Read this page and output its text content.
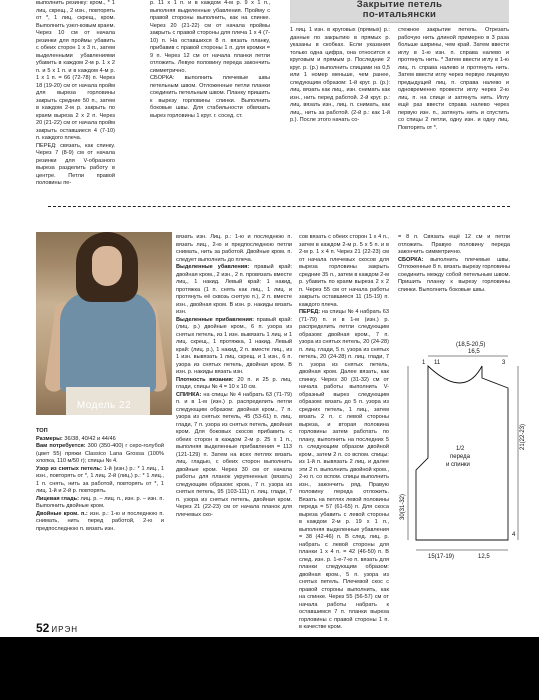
Закрытие петель
по-итальянски

выполнить резинку: кром., * 1 лиц. скрещ., 2 изн., повторять от *, 1 лиц. скрещ., кром. Выполнить узел-ковым краем. Через 10 см от начала резинки для проймы убавить с обеих сторон 1 х 3 п., затем выделенными убавлениями убавить в каждом 2-м р. 1 х 2 п. и 5 х 1 п. и в каждом 4-м р. 1 х 1 п. = 66 (72-78) п. Через 18 (19-20) см от начала пройм для выреза горловины закрыть средние 50 п., затем в каждом 2-м р. закрыть по краям выреза 2 х 2 п. Через 20 (21-22) см от начала пройм закрыть оставшиеся 4 (7-10) п. каждого плеча.

ПЕРЕД: связать, как спинку. Через 7 (8-9) см от начала резинки для V-образного выреза разделить работу в центре. Петли правой половины пе-

р. 11 х 1 п. и в каждом 4-м р. 9 х 1 п., выполняя выделенные убавления. Пройму с правой стороны выполнить, как на спинке. Через 20 (21-22) см от начала проймы закрыть с правой стороны для плеча 1 х 4 (7-10) п. На оставшихся 8 п. вязать планку, прибавив с правой стороны 1 п. для кромки = 9 п. Через 12 см от начала планки петли отложить. Левую половину переда закончить симметрично.

СБОРКА: выполнить плечевые швы петельным швом. Отложенные петли планки соединить петельным швом. Планку пришить к вырезу горловины спинки. Выполнить боковые швы. Для стабильности обвязать вырез горловины 1 круг. г. сосед. ст.

1 лиц. 1 изн. в круговых (прямых) р.: данные по закрытию в прямых р. указаны в скобках. Если указания только одна цифра, она относится к круговым и прямым р. Последние 2 круг. р. (р.) выполнить спицами на 0,5 или 1 номер меньше, чем ранее, следующим образом: 1-й круг. р. (р.): лиц. вязать как лиц., изн. снимать как изн., нить перед работой. 2-й круг. р.: лиц. вязать изн., лиц. п. снимать, как лиц., нить за работой. (2-й р.: как 1-й р.). После этого начать со-

стежное закрытие петель. Отрезать рабочую нить длиной примерно в 3 раза больше ширины, чем край. Затем ввести иглу в 1-ю изн. п. справа налево и протянуть нить. * Затем ввести иглу в 1-ю лиц. п. справа налево и протянуть нить. Затем ввести иглу через первую лицевую предыдущей лиц. п. справа налево и одновременно провести иглу через 2-ю лиц. п. на спице и затянуть нить. Иглу ещё раз ввести справа налево через первую изн. п., затянуть нить и спустить со спицы 2 петли, одну изн. и одну лиц. Повторять от *.

Модель 22

ТОП

Размеры: 36/38, 40/42 и 44/46

Вам потребуется: 300 (350-400) г серо-голубой (цвет 55) пряжи Classico Lana Grossa (100% хлопка, 110 м/50 г); спицы № 4.

Узор из снятых петель: 1-й (изн.) р.: * 1 лиц., 1 изн., повторять от *, 1 лиц. 2-й (лиц.) р.: * 1 лиц., 1 п. снять, нить за работой, повторять от *, 1 лиц. 1-й и 2-й р. повторять.

Лицевая гладь: лиц. р. – лиц. п., изн. р. – изн. п. Выполнить двойные кром.

Двойные кром. п.: изн. р.: 1-ю и последнюю п. снимать, нить перед работой, 2-ю и предпоследнюю п. вязать изн.

вязать изн. Лиц. р.: 1-ю и последнюю п. вязать лиц., 2-ю и предпоследнюю петли снимать, нить за работой. Двойные кром. п. следует выполнить до плеча.

Выделенные убавления: правый край: двойная кром., 2 изн., 2 п. провязать вместе лиц., 1 накид. Левый край: 1 накид, протяжка (1 п. снять как лиц., 1 лиц. и протянуть её сквозь снятую п.), 2 п. вместе изн., двойная кром. В изн. р. накиды вязать изн.

Выделенные прибавления: правый край: (лиц. р.) двойные кром., 6 п. узора из снятых петель, из 1 изн. вывязать 1 лиц. и 1 лиц. скрещ., 1 протяжка, 1 накид. Левый край: (лиц. р.), 1 накид, 2 п. вместе лиц., из 1 изн. вывязать 1 лиц. скрещ. и 1 изн., 6 п. узора из снятых петель, двойная кром. В изн. р. накиды вязать изн.

Плотность вязания: 20 п. и 25 р. лиц. глади, спицы № 4 = 10 х 10 см.

СПИНКА: на спицы № 4 набрать 63 (71-79) п. и в 1-м (изн.) р. распределить петли следующим образом: двойная кром., 7 п. узора из снятых петель, 45 (53-61) п. лиц. глади, 7 п. узора из снятых петель, двойная кром. Для боковых скосов прибавить с обеих сторон в каждом 2-м р. 25 х 1 п., выполняя выделенные прибавления = 113 (121-129) п. Затем на всех петлях вязать лиц. гладью, с обеих сторон выполнить двойные кром. Через 30 см от начала работы для планок укрупненных (вязать) следующим образом: кром., 7 п. узора из снятых петель, 95 (103-111) п. лиц. глади, 7 п. узора из снятых петель, двойная кром. Через 21 (22-23) см от начала планок для плечевых ско-

сов вязать с обеих сторон 1 х 4 п., затем в каждом 2-м р. 5 х 5 п. и в 2-м р. 1 х 4 п. Через 21 (22-23) см от начала плечевых скосов для выреза горловины закрыть средние 35 п., затем в каждом 2-м р. убавить по краям выреза 2 х 2 п. Через 55 см от начала работы закрыть оставшиеся 11 (15-19) п. каждого плеча.

ПЕРЕД: на спицы № 4 набрать 63 (71-79) п. и в 1-м (изн.) р. распределить петли следующим образом: двойная кром., 7 п. узора из снятых петель, 20 (24-28) п. лиц. глади, 5 п. узора из снятых петель, 20 (24-28) п. лиц. глади, 7 п. узора из снятых петель, двойная кром. Далее вязать, как спинку. Через 30 (31-32) см от начала работы выполнить V-образный вырез следующим образом: вязать до 5 п. узора из средних петель, 1 лиц., затем вязать 2 п. с левой стороны выреза, и вторая половина горловины затем работать по плану, выполнить на последних 5 п. следующим образом двойной кром., затем 2 п. со вспом. спицы: из 1-й п. вывязать 2 лиц. и далее эти 2 п. выполнить двойной кром., 2-ю п. со вспом. спицы выполнить изн., закончить ряд. Правую половину переда отложить. Вязать на петлях левой половины переда = 57 (61-65) п. Для скоса выреза убавить с левой стороны в каждом 2-м р. 19 х 1 п., выполняя выделенные убавления = 38 (42-46) п. В след. лиц. р. набрать с левой стороны для планки 1 х 4 п. = 42 (46-50) п. В след. изн. р. 1-е-7-ю п. вязать для планки следующим образом: двойная кром., 5 п. узора из снятых петель. Плечевой скос с правой стороны выполнить, как на спинке. Через 55 (56-57) см от начала работы набрать к оставшимся 7 п. планки выреза горловины с правой стороны 1 п. в качестве кром.

= 8 п. Связать ещё 12 см и петли отложить. Правую половину переда закончить симметрично.

СБОРКА: выполнить плечевые швы. Отложенные 8 п. вязать вырезу горловины соединить между собой петельным швом. Пришить планку к вырезу горловины спинки. Выполнить боковые швы.

(18,5-20,5)
16,5
11
1	3
21(22-23)
30(31-32)
1/2
переда
и спинки
15(17-19)	12,5
4
52 ИРЭН
